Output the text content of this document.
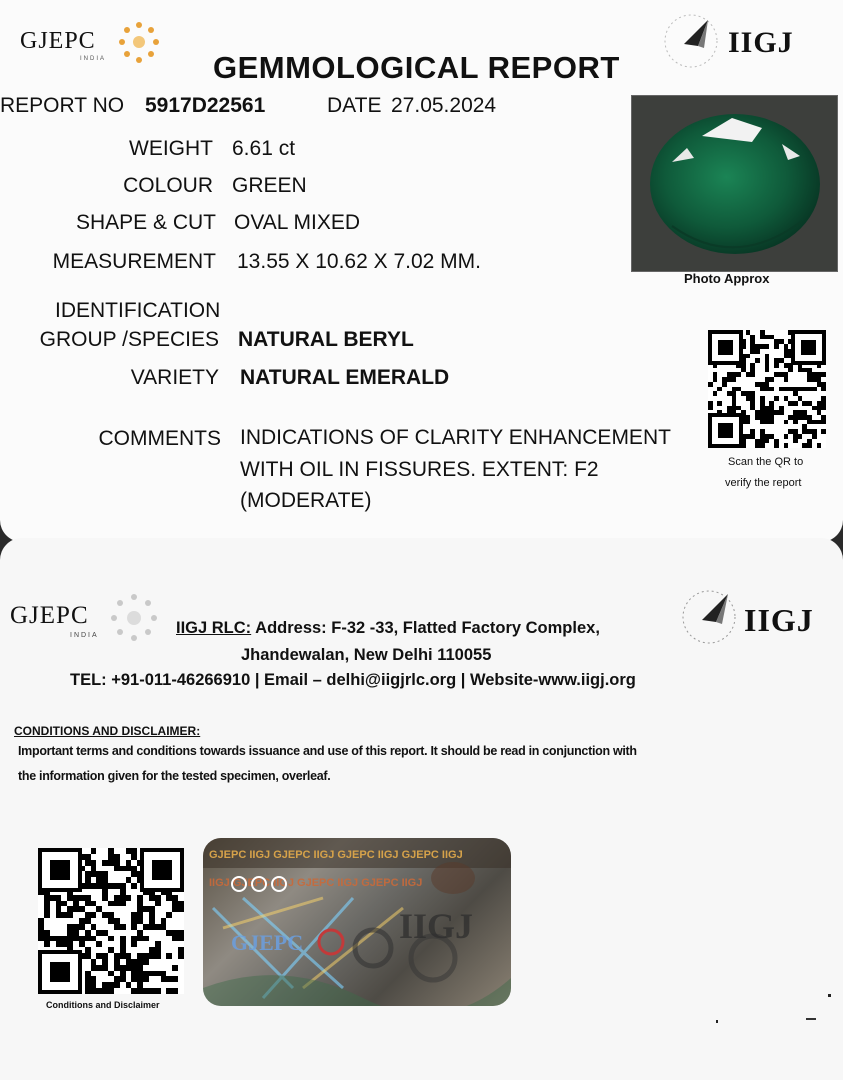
GJEPC
INDIA	IIGJ
GEMMOLOGICAL REPORT
REPORT NO 5917D22561	DATE 27.05.2024
WEIGHT 6.61 ct
COLOUR GREEN
SHAPE & CUT OVAL MIXED
MEASUREMENT 13.55 X 10.62 X 7.02 MM.
IDENTIFICATION
GROUP /SPECIES NATURAL BERYL
VARIETY NATURAL EMERALD
COMMENTS INDICATIONS OF CLARITY ENHANCEMENT
WITH OIL IN FISSURES. EXTENT: F2
(MODERATE)
Photo Approx
Scan the QR to
verify the report
GJEPC
INDIA	IIGJ
IIGJ RLC: Address: F-32 -33, Flatted Factory Complex,
Jhandewalan, New Delhi 110055
TEL: +91-011-46266910 | Email – delhi@iigjrlc.org | Website-www.iigj.org
CONDITIONS AND DISCLAIMER:
Important terms and conditions towards issuance and use of this report. It should be read in conjunction with
the information given for the tested specimen, overleaf.
Conditions and Disclaimer
GJEPC IIGJ GJEPC IIGJ GJEPC IIGJ GJEPC IIGJ
IIGJ GJEPC IIGJ GJEPC IIGJ GJEPC IIGJ
GJEPC	IIGJ
